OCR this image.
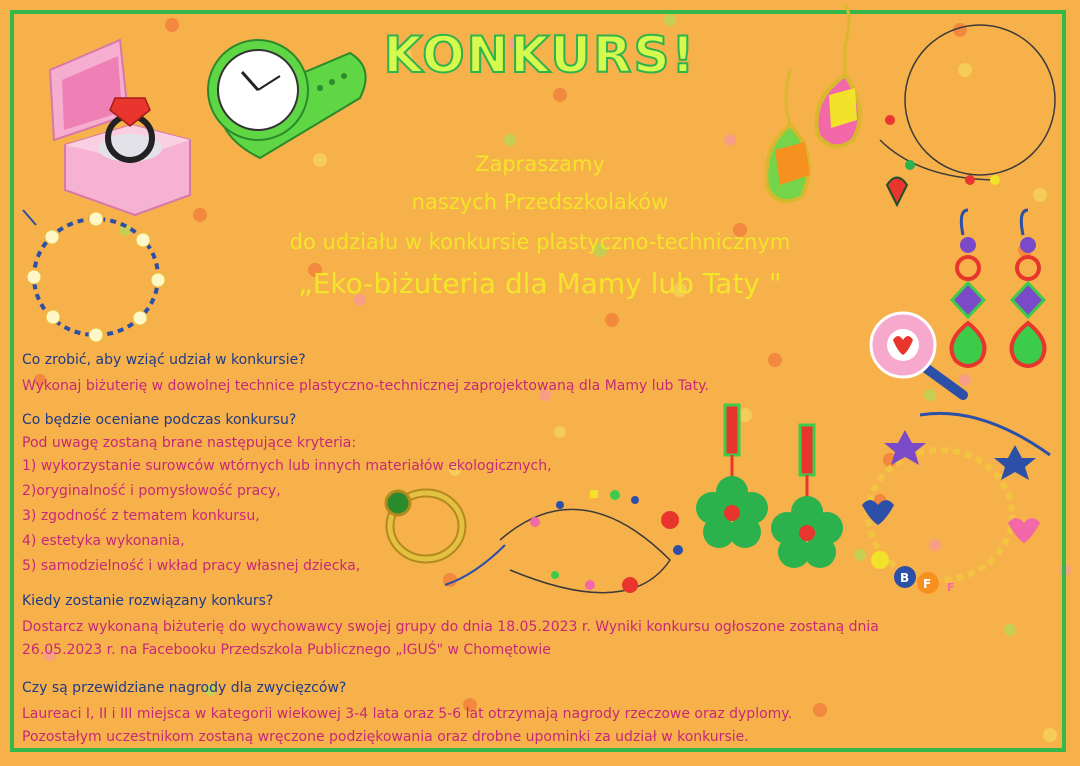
KONKURS!
Zapraszamy
naszych Przedszkolaków
do udziału w konkursie plastyczno-technicznym
„Eko-biżuteria dla Mamy lub Taty "
B F F
Co zrobić, aby wziąć udział w konkursie?
Wykonaj biżuterię w dowolnej technice plastyczno-technicznej zaprojektowaną dla Mamy lub Taty.
Co będzie oceniane podczas konkursu?
Pod uwagę zostaną brane następujące kryteria:
1) wykorzystanie surowców wtórnych lub innych materiałów ekologicznych,
2)oryginalność i pomysłowość pracy,
3) zgodność z tematem konkursu,
4) estetyka wykonania,
5) samodzielność i wkład pracy własnej dziecka,
Kiedy zostanie rozwiązany konkurs?
Dostarcz wykonaną biżuterię do wychowawcy swojej grupy do dnia 18.05.2023 r. Wyniki konkursu ogłoszone zostaną dnia
26.05.2023 r. na Facebooku Przedszkola Publicznego „IGUŚ" w Chomętowie
Czy są przewidziane nagrody dla zwycięzców?
Laureaci I, II i III miejsca w kategorii wiekowej 3-4 lata oraz 5-6 lat otrzymają nagrody rzeczowe oraz dyplomy.
Pozostałym uczestnikom zostaną wręczone podziękowania oraz drobne upominki za udział w konkursie.
